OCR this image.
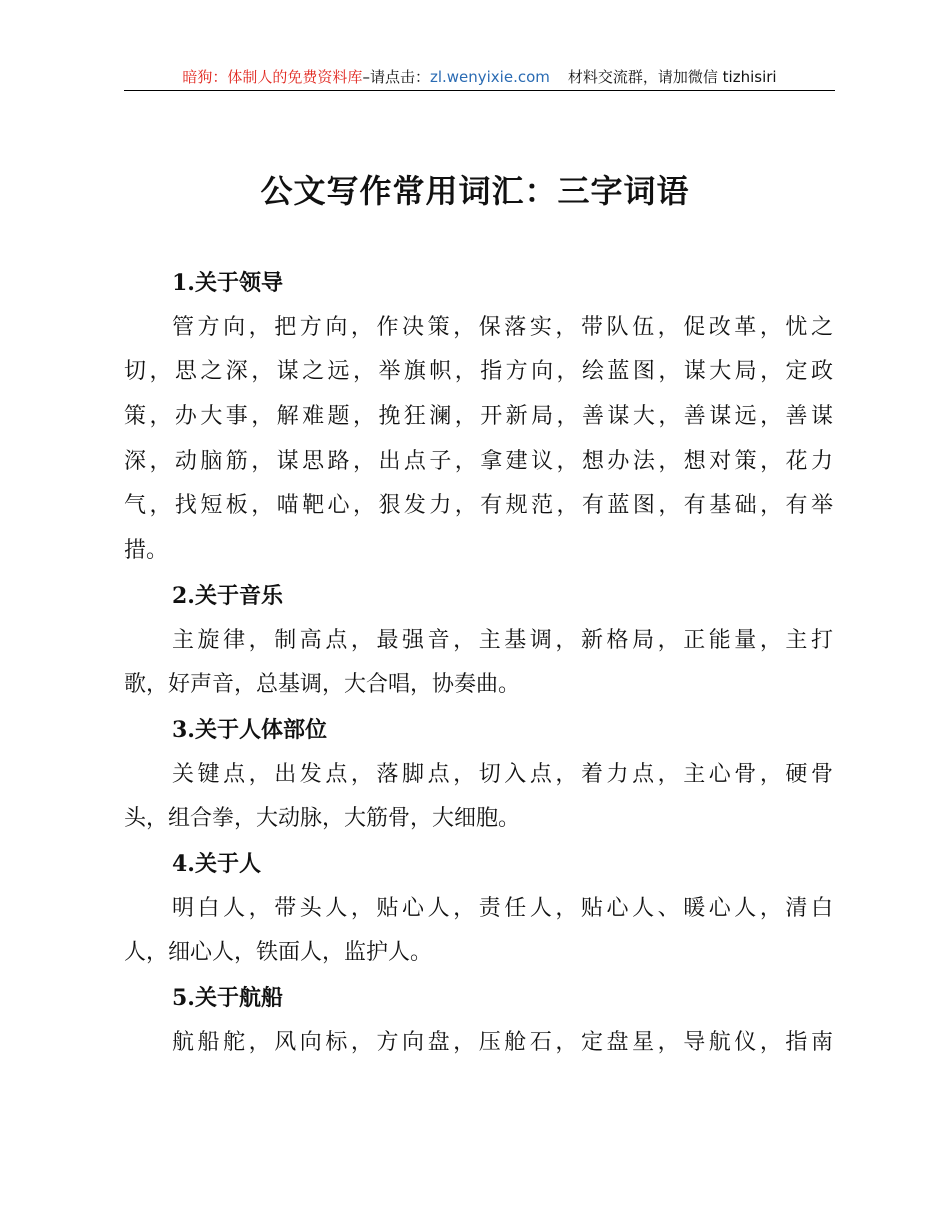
暗狗：体制人的免费资料库–请点击：zl.wenyixie.com 材料交流群，请加微信 tizhisiri
公文写作常用词汇：三字词语
1.关于领导
管方向，把方向，作决策，保落实，带队伍，促改革，忧之
切，思之深，谋之远，举旗帜，指方向，绘蓝图，谋大局，定政
策，办大事，解难题，挽狂澜，开新局，善谋大，善谋远，善谋
深，动脑筋，谋思路，出点子，拿建议，想办法，想对策，花力
气，找短板，喵靶心，狠发力，有规范，有蓝图，有基础，有举
措。
2.关于音乐
主旋律，制高点，最强音，主基调，新格局，正能量，主打
歌，好声音，总基调，大合唱，协奏曲。
3.关于人体部位
关键点，出发点，落脚点，切入点，着力点，主心骨，硬骨
头，组合拳，大动脉，大筋骨，大细胞。
4.关于人
明白人，带头人，贴心人，责任人，贴心人、暖心人，清白
人，细心人，铁面人，监护人。
5.关于航船
航船舵，风向标，方向盘，压舱石，定盘星，导航仪，指南
